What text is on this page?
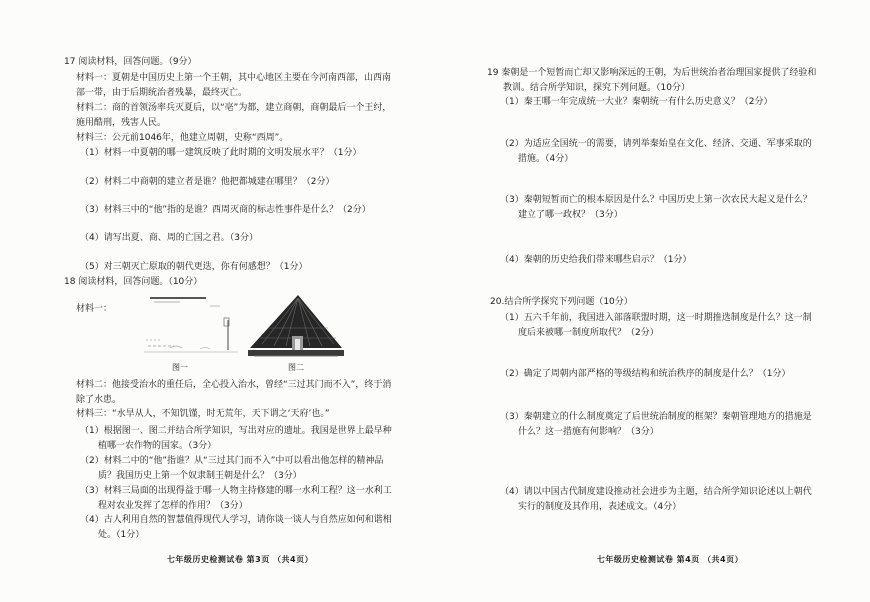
17 阅读材料，回答问题。（9分）
材料一：夏朝是中国历史上第一个王朝，其中心地区主要在今河南西部，山西南部一带，由于后期统治者残暴，最终灭亡。
材料二：商的首领汤率兵灭夏后，以“亳”为都，建立商朝，商朝最后一个王纣，施用酷刑，残害人民。
材料三：公元前1046年，他建立周朝，史称“西周”。
（1）材料一中夏朝的哪一建筑反映了此时期的文明发展水平？（1分）
（2）材料二中商朝的建立者是谁？他把都城建在哪里？（2分）
（3）材料三中的“他”指的是谁？西周灭商的标志性事件是什么？（2分）
（4）请写出夏、商、周的亡国之君。（3分）
（5）对三朝灭亡原取的朝代更迭，你有何感想？（1分）
18 阅读材料，回答问题。（10分）
材料一：
图一	图二
材料二：他接受治水的重任后，全心投入治水，曾经“三过其门而不入”，终于消除了水患。
材料三：“水旱从人，不知饥馑，时无荒年，天下谓之‘天府’也。”
（1）根据图一、图二并结合所学知识，写出对应的遗址。我国是世界上最早种植哪一农作物的国家。（3分）
（2）材料二中的“他”指谁？从“三过其门而不入”中可以看出他怎样的精神品质？我国历史上第一个奴隶制王朝是什么？（3分）
（3）材料三局面的出现得益于哪一人物主持修建的哪一水利工程？这一水利工程对农业发挥了怎样的作用？（3分）
（4）古人利用自然的智慧值得现代人学习，请你谈一谈人与自然应如何和谐相处。（1分）
七年级历史检测试卷 第3页 （共4页）
19 秦朝是一个短暂而亡却又影响深远的王朝，为后世统治者治理国家提供了经验和教训。结合所学知识，探究下列问题。（10分）
（1）秦王哪一年完成统一大业？秦朝统一有什么历史意义？（2分）
（2）为适应全国统一的需要，请列举秦始皇在文化、经济、交通、军事采取的措施。（4分）
（3）秦朝短暂而亡的根本原因是什么？中国历史上第一次农民大起义是什么？建立了哪一政权？（3分）
（4）秦朝的历史给我们带来哪些启示？（1分）
20.结合所学探究下列问题（10分）
（1）五六千年前，我国进入部落联盟时期，这一时期推选制度是什么？这一制度后来被哪一制度所取代？（2分）
（2）确定了周朝内部严格的等级结构和统治秩序的制度是什么？（1分）
（3）秦朝建立的什么制度奠定了后世统治制度的框架？秦朝管理地方的措施是什么？这一措施有何影响？（3分）
（4）请以中国古代制度建设推动社会进步为主题，结合所学知识论述以上朝代实行的制度及其作用，表述成文。（4分）
七年级历史检测试卷 第4页 （共4页）
